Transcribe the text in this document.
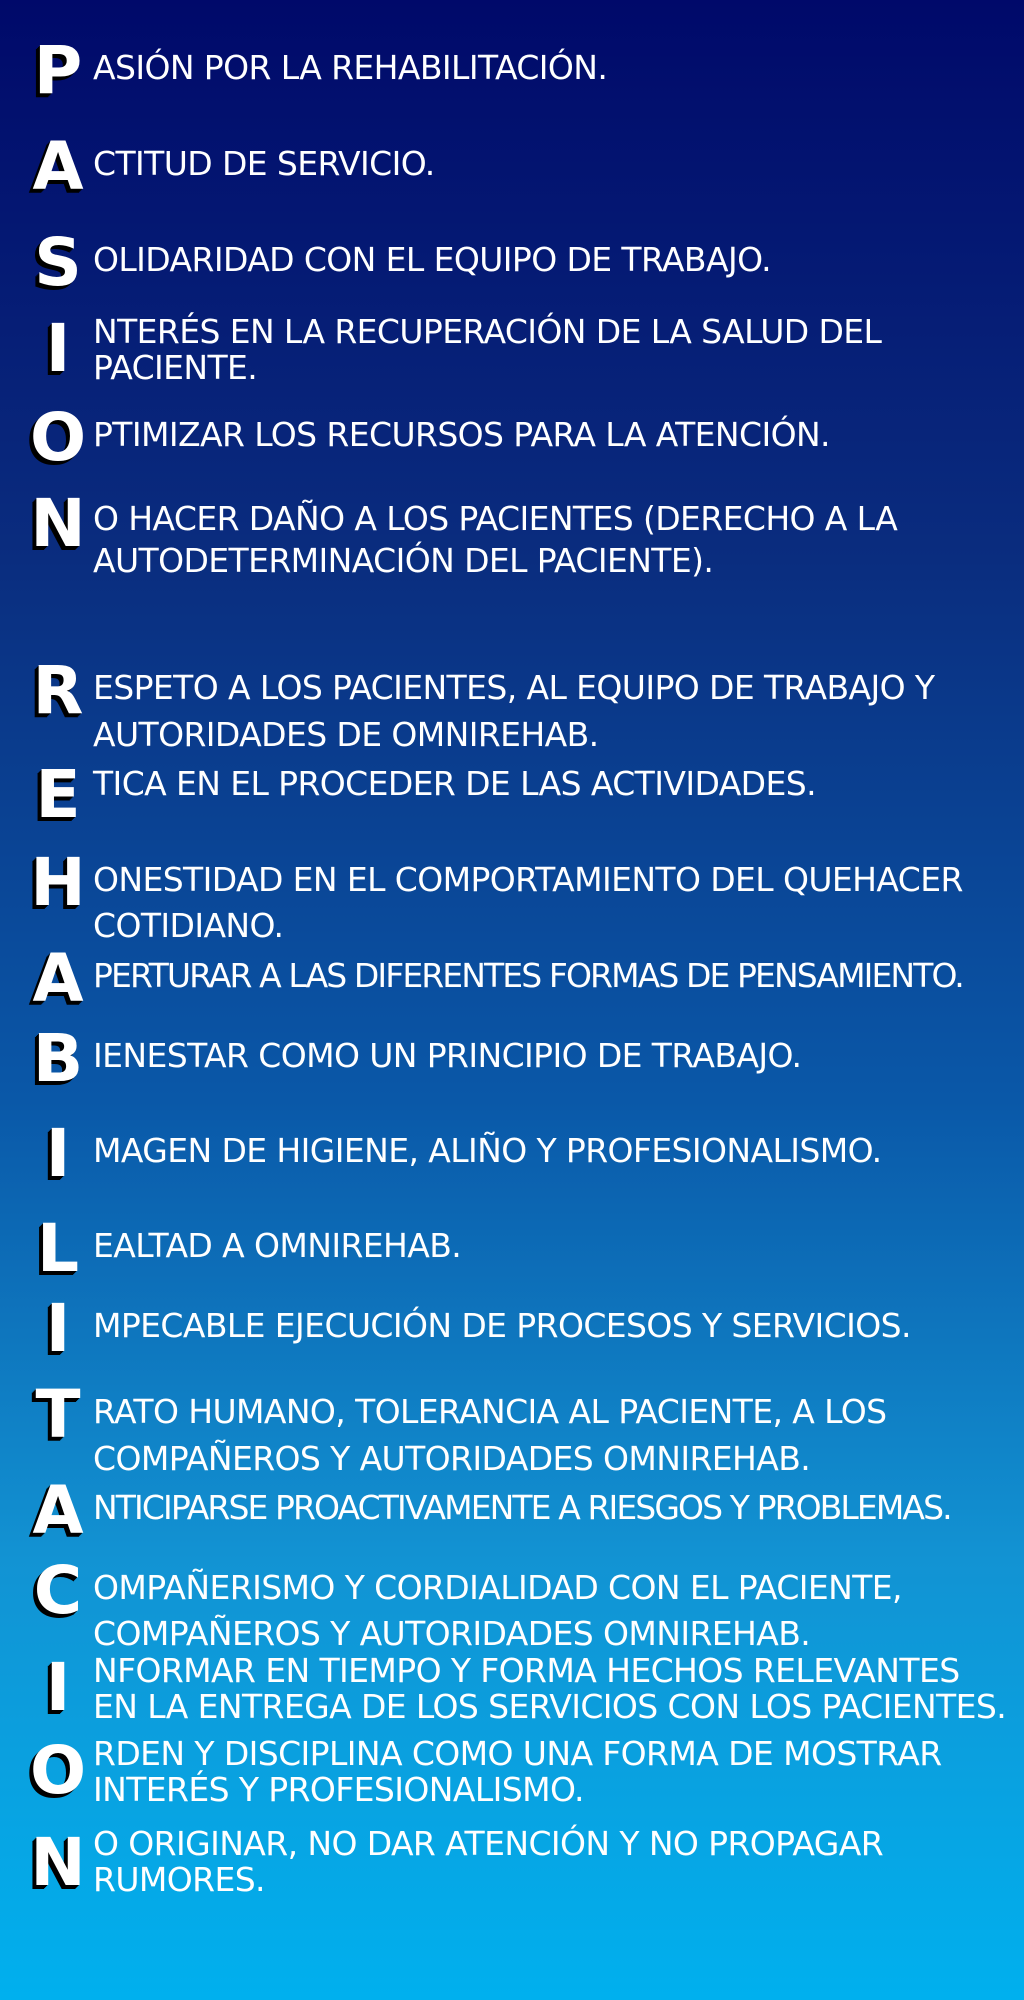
P ASIÓN POR LA REHABILITACIÓN.
A CTITUD DE SERVICIO.
S OLIDARIDAD CON EL EQUIPO DE TRABAJO.
I NTERÉS EN LA RECUPERACIÓN DE LA SALUD DEL
PACIENTE.
O PTIMIZAR LOS RECURSOS PARA LA ATENCIÓN.
N O HACER DAÑO A LOS PACIENTES (DERECHO A LA
AUTODETERMINACIÓN DEL PACIENTE).
R ESPETO A LOS PACIENTES, AL EQUIPO DE TRABAJO Y
AUTORIDADES DE OMNIREHAB.
E TICA EN EL PROCEDER DE LAS ACTIVIDADES.
H ONESTIDAD EN EL COMPORTAMIENTO DEL QUEHACER
COTIDIANO.
A PERTURAR A LAS DIFERENTES FORMAS DE PENSAMIENTO.
B IENESTAR COMO UN PRINCIPIO DE TRABAJO.
I MAGEN DE HIGIENE, ALIÑO Y PROFESIONALISMO.
L EALTAD A OMNIREHAB.
I MPECABLE EJECUCIÓN DE PROCESOS Y SERVICIOS.
T RATO HUMANO, TOLERANCIA AL PACIENTE, A LOS
COMPAÑEROS Y AUTORIDADES OMNIREHAB.
A NTICIPARSE PROACTIVAMENTE A RIESGOS Y PROBLEMAS.
C OMPAÑERISMO Y CORDIALIDAD CON EL PACIENTE,
COMPAÑEROS Y AUTORIDADES OMNIREHAB.
I NFORMAR EN TIEMPO Y FORMA HECHOS RELEVANTES
EN LA ENTREGA DE LOS SERVICIOS CON LOS PACIENTES.
O RDEN Y DISCIPLINA COMO UNA FORMA DE MOSTRAR
INTERÉS Y PROFESIONALISMO.
N O ORIGINAR, NO DAR ATENCIÓN Y NO PROPAGAR
RUMORES.
